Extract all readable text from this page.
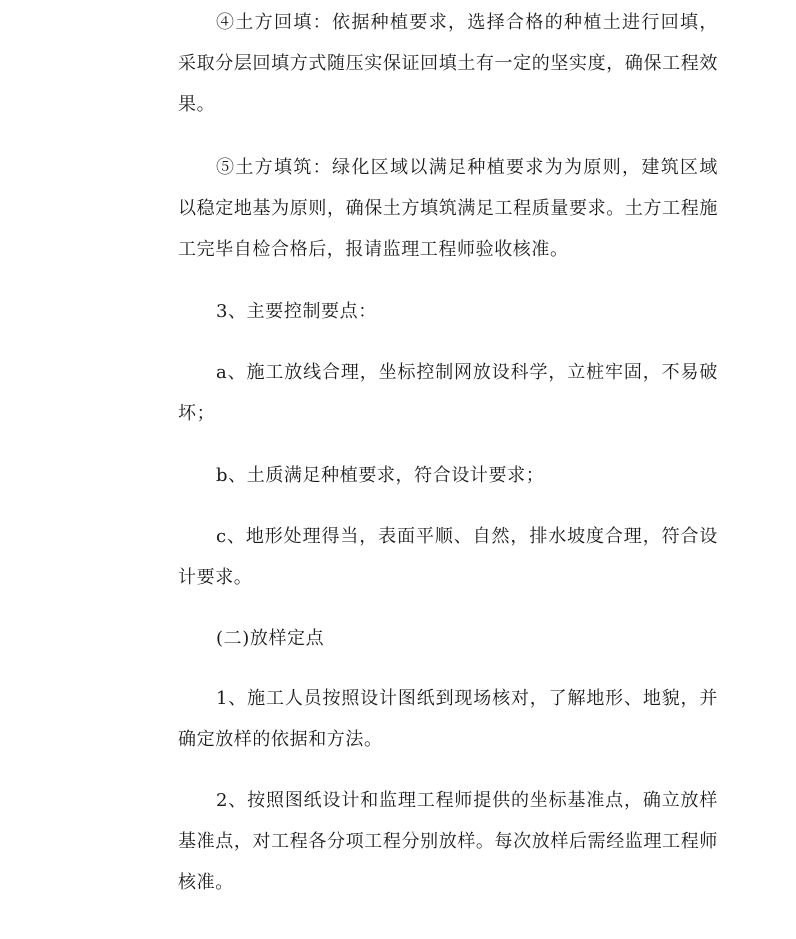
④土方回填：依据种植要求，选择合格的种植土进行回填，采取分层回填方式随压实保证回填土有一定的坚实度，确保工程效果。

⑤土方填筑：绿化区域以满足种植要求为为原则，建筑区域以稳定地基为原则，确保土方填筑满足工程质量要求。土方工程施工完毕自检合格后，报请监理工程师验收核准。

3、主要控制要点：

a、施工放线合理，坐标控制网放设科学，立桩牢固，不易破坏；

b、土质满足种植要求，符合设计要求；

c、地形处理得当，表面平顺、自然，排水坡度合理，符合设计要求。

(二)放样定点

1、施工人员按照设计图纸到现场核对，了解地形、地貌，并确定放样的依据和方法。

2、按照图纸设计和监理工程师提供的坐标基准点，确立放样基准点，对工程各分项工程分别放样。每次放样后需经监理工程师核准。
